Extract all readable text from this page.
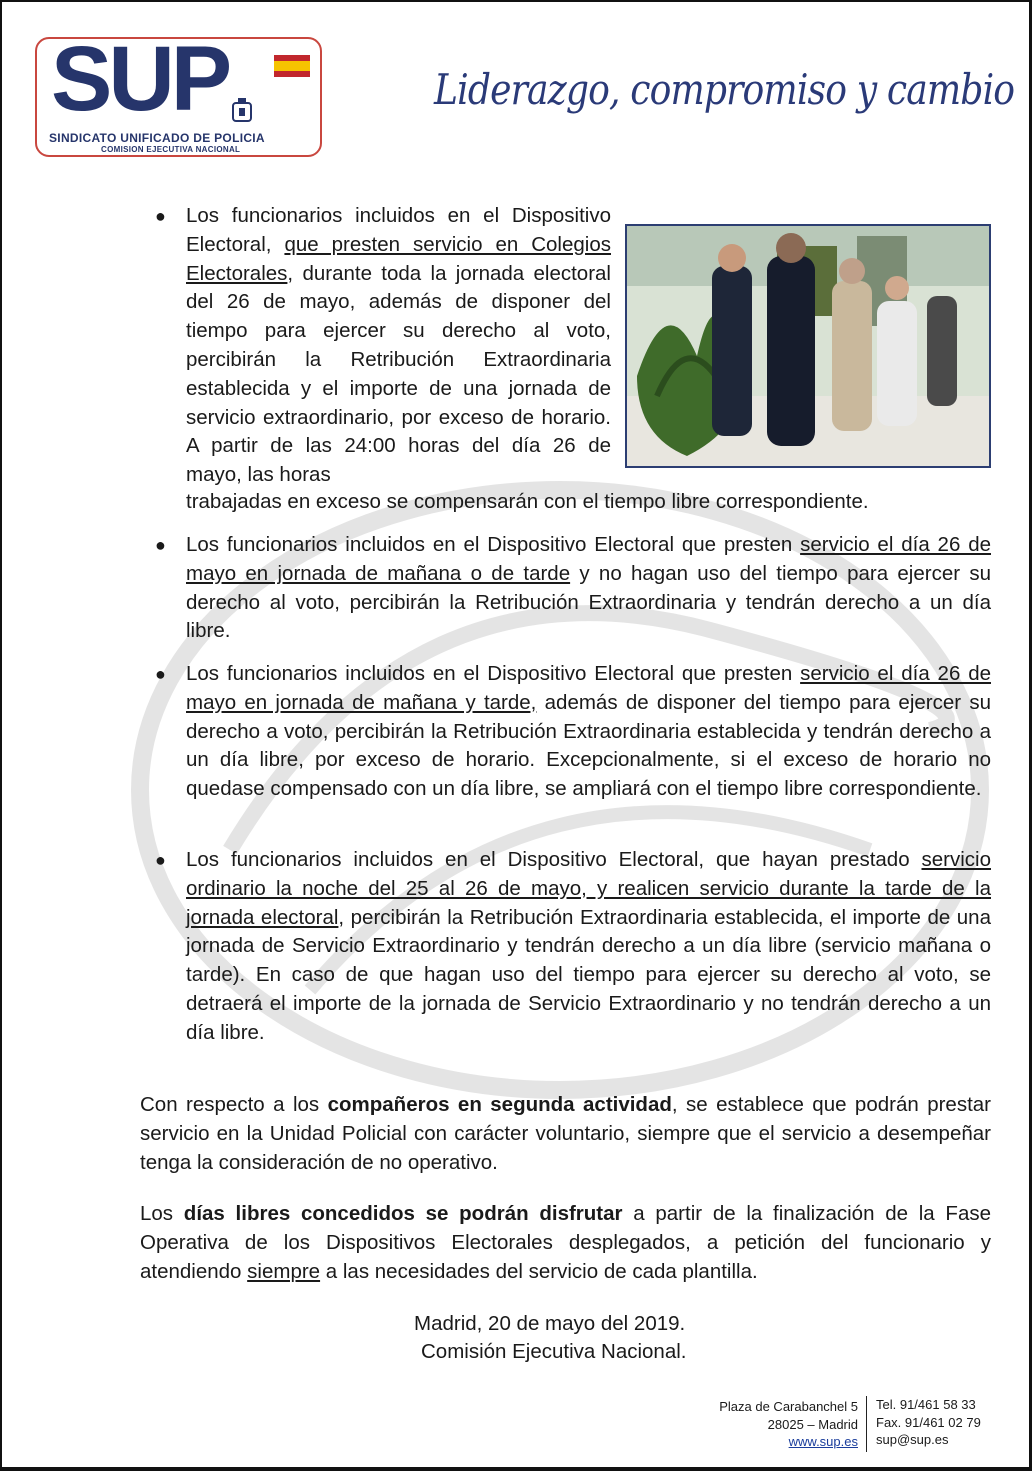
SUP
SINDICATO UNIFICADO DE POLICIA
COMISION EJECUTIVA NACIONAL
Liderazgo, compromiso y cambio
● Los funcionarios incluidos en el Dispositivo Electoral, que presten servicio en Colegios Electorales, durante toda la jornada electoral del 26 de mayo, además de disponer del tiempo para ejercer su derecho al voto, percibirán la Retribución Extraordinaria establecida y el importe de una jornada de servicio extraordinario, por exceso de horario. A partir de las 24:00 horas del día 26 de mayo, las horas
trabajadas en exceso se compensarán con el tiempo libre correspondiente.
● Los funcionarios incluidos en el Dispositivo Electoral que presten servicio el día 26 de mayo en jornada de mañana o de tarde y no hagan uso del tiempo para ejercer su derecho al voto, percibirán la Retribución Extraordinaria y tendrán derecho a un día libre.
● Los funcionarios incluidos en el Dispositivo Electoral que presten servicio el día 26 de mayo en jornada de mañana y tarde, además de disponer del tiempo para ejercer su derecho a voto, percibirán la Retribución Extraordinaria establecida y tendrán derecho a un día libre, por exceso de horario. Excepcionalmente, si el exceso de horario no quedase compensado con un día libre, se ampliará con el tiempo libre correspondiente.
● Los funcionarios incluidos en el Dispositivo Electoral, que hayan prestado servicio ordinario la noche del 25 al 26 de mayo, y realicen servicio durante la tarde de la jornada electoral, percibirán la Retribución Extraordinaria establecida, el importe de una jornada de Servicio Extraordinario y tendrán derecho a un día libre (servicio mañana o tarde). En caso de que hagan uso del tiempo para ejercer su derecho al voto, se detraerá el importe de la jornada de Servicio Extraordinario y no tendrán derecho a un día libre.
Con respecto a los compañeros en segunda actividad, se establece que podrán prestar servicio en la Unidad Policial con carácter voluntario, siempre que el servicio a desempeñar tenga la consideración de no operativo.
Los días libres concedidos se podrán disfrutar a partir de la finalización de la Fase Operativa de los Dispositivos Electorales desplegados, a petición del funcionario y atendiendo siempre a las necesidades del servicio de cada plantilla.
Madrid, 20 de mayo del 2019.
Comisión Ejecutiva Nacional.
Plaza de Carabanchel 5
28025 – Madrid
www.sup.es
Tel. 91/461 58 33
Fax. 91/461 02 79
sup@sup.es
